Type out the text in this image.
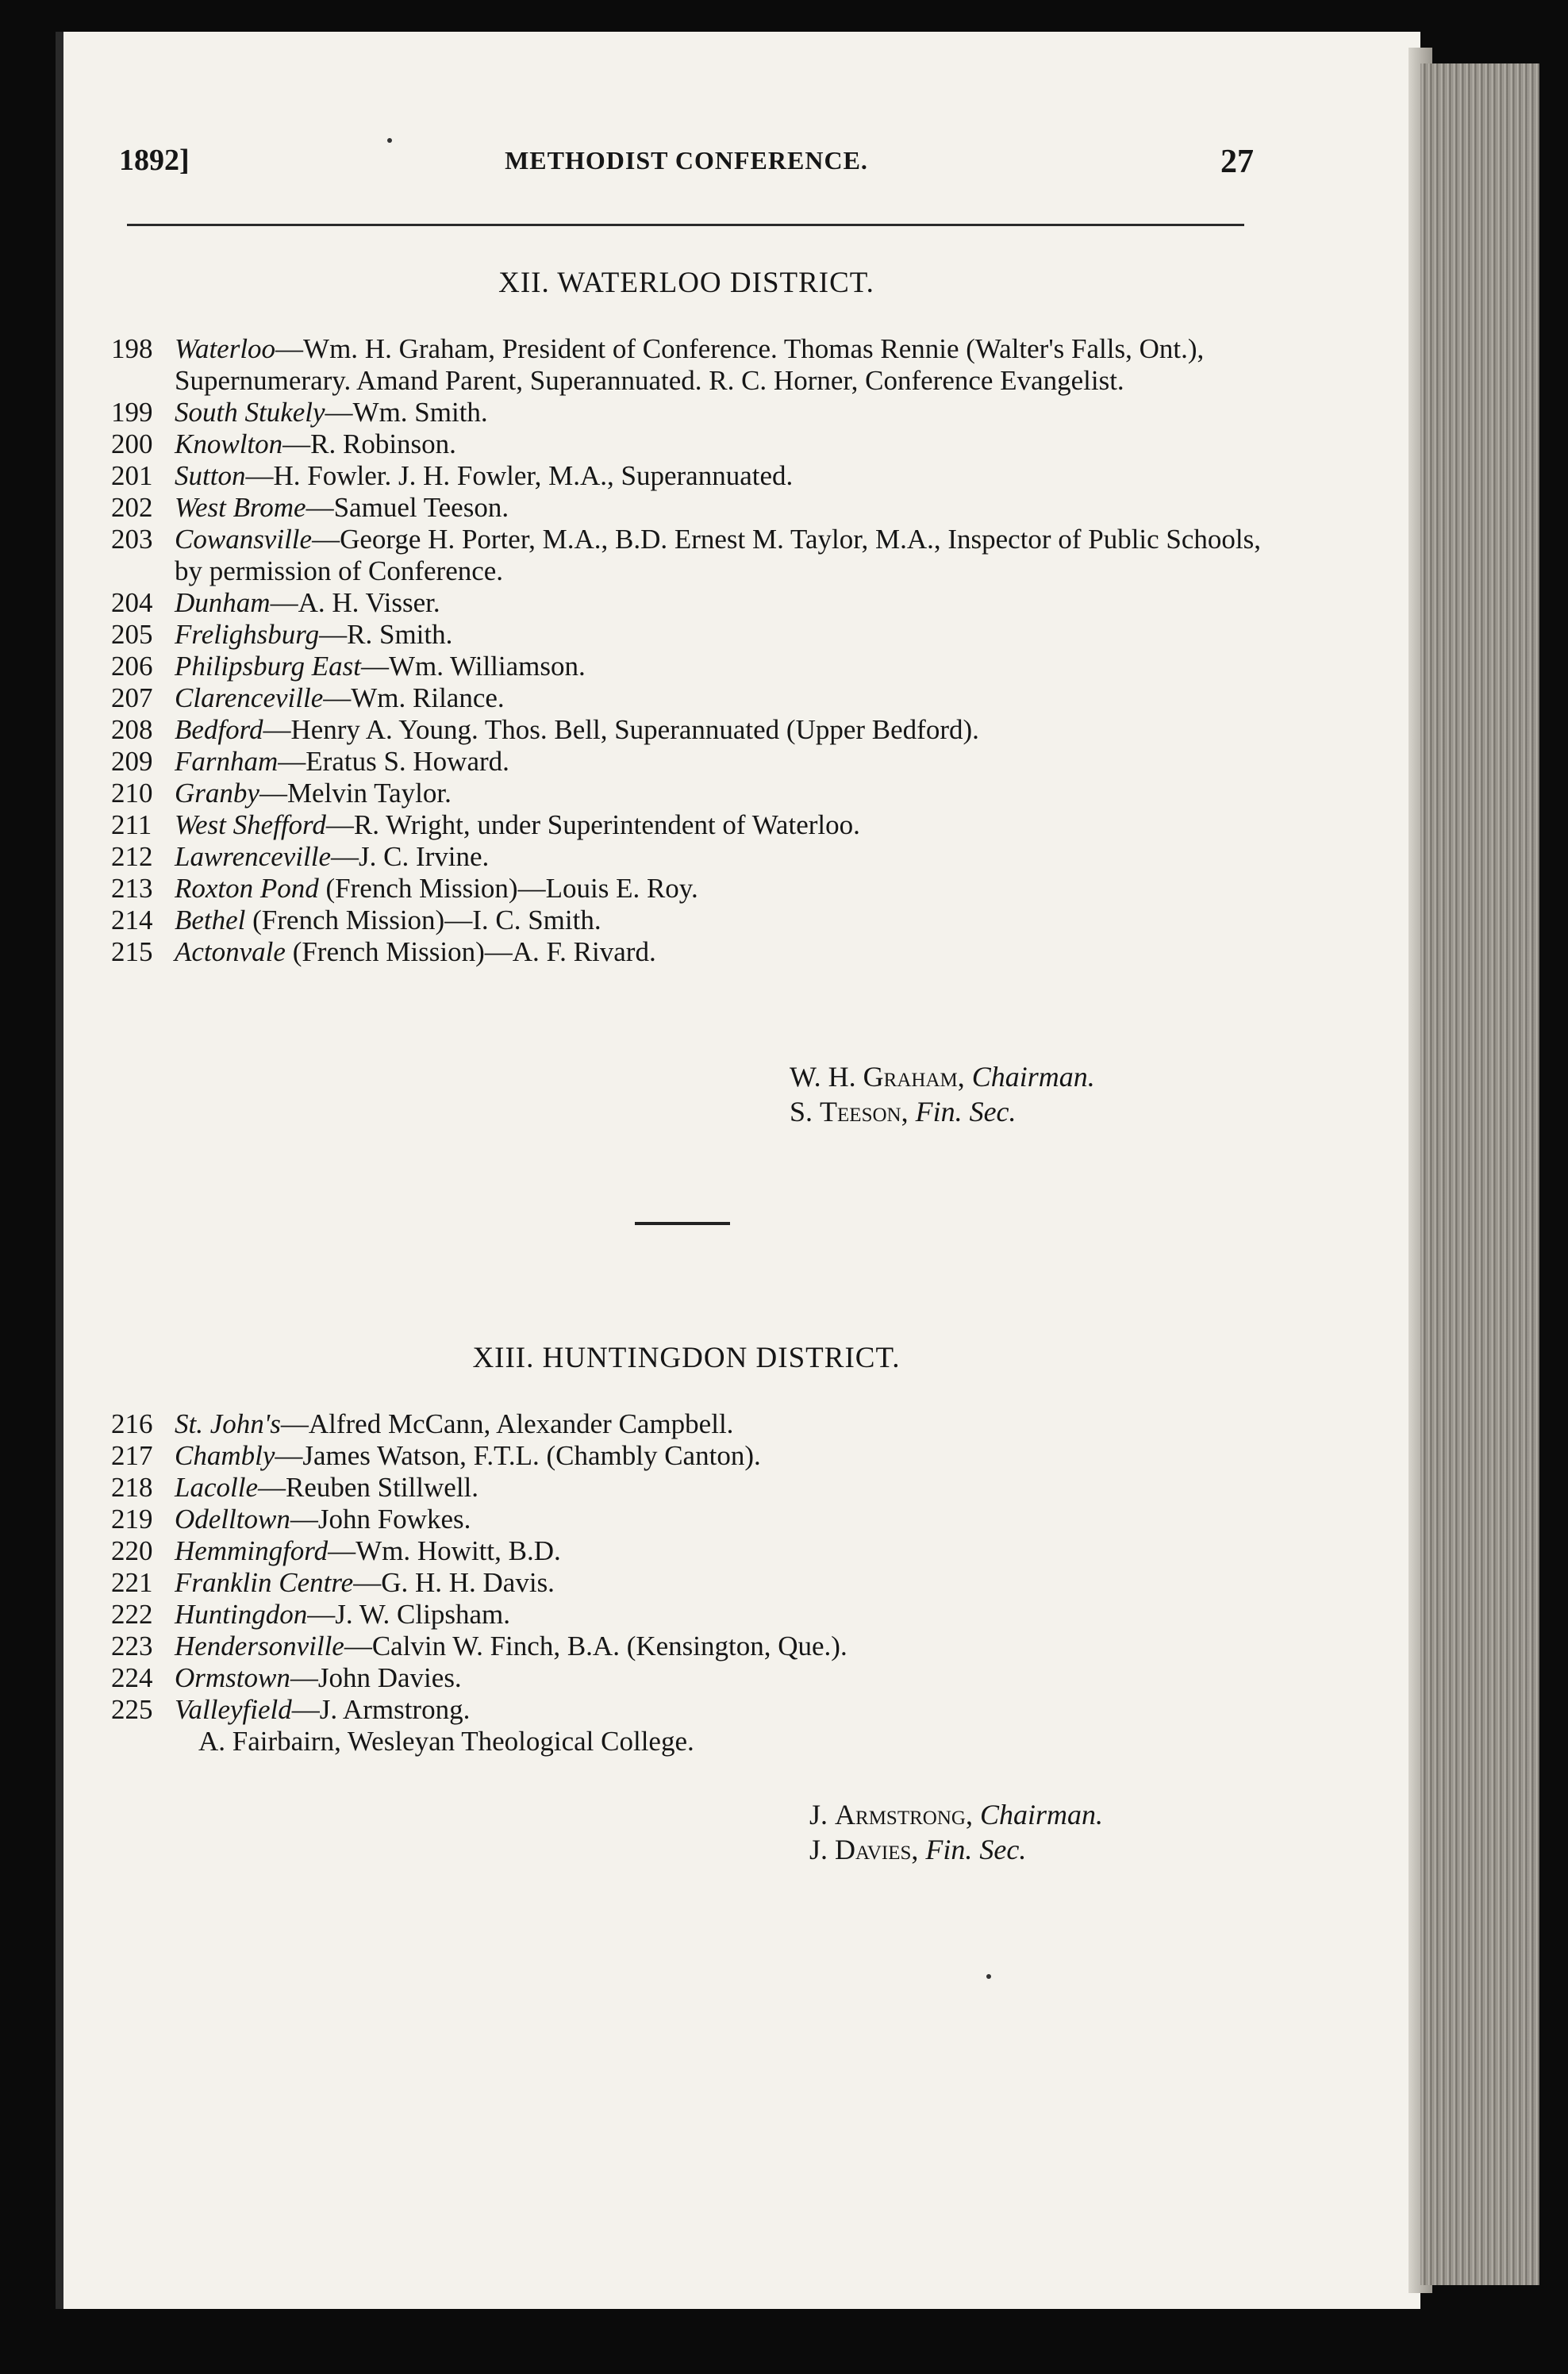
1892]	METHODIST CONFERENCE.	27
XII. WATERLOO DISTRICT.
198 Waterloo—Wm. H. Graham, President of Conference. Thomas Rennie (Walter's Falls, Ont.), Supernumerary. Amand Parent, Superannuated. R. C. Horner, Conference Evangelist.
199 South Stukely—Wm. Smith.
200 Knowlton—R. Robinson.
201 Sutton—H. Fowler. J. H. Fowler, M.A., Superannuated.
202 West Brome—Samuel Teeson.
203 Cowansville—George H. Porter, M.A., B.D. Ernest M. Taylor, M.A., Inspector of Public Schools, by permission of Conference.
204 Dunham—A. H. Visser.
205 Frelighsburg—R. Smith.
206 Philipsburg East—Wm. Williamson.
207 Clarenceville—Wm. Rilance.
208 Bedford—Henry A. Young. Thos. Bell, Superannuated (Upper Bedford).
209 Farnham—Eratus S. Howard.
210 Granby—Melvin Taylor.
211 West Shefford—R. Wright, under Superintendent of Waterloo.
212 Lawrenceville—J. C. Irvine.
213 Roxton Pond (French Mission)—Louis E. Roy.
214 Bethel (French Mission)—I. C. Smith.
215 Actonvale (French Mission)—A. F. Rivard.
W. H. Graham, Chairman.
S. Teeson, Fin. Sec.
XIII. HUNTINGDON DISTRICT.
216 St. John's—Alfred McCann, Alexander Campbell.
217 Chambly—James Watson, F.T.L. (Chambly Canton).
218 Lacolle—Reuben Stillwell.
219 Odelltown—John Fowkes.
220 Hemmingford—Wm. Howitt, B.D.
221 Franklin Centre—G. H. H. Davis.
222 Huntingdon—J. W. Clipsham.
223 Hendersonville—Calvin W. Finch, B.A. (Kensington, Que.).
224 Ormstown—John Davies.
225 Valleyfield—J. Armstrong.
A. Fairbairn, Wesleyan Theological College.
J. Armstrong, Chairman.
J. Davies, Fin. Sec.
